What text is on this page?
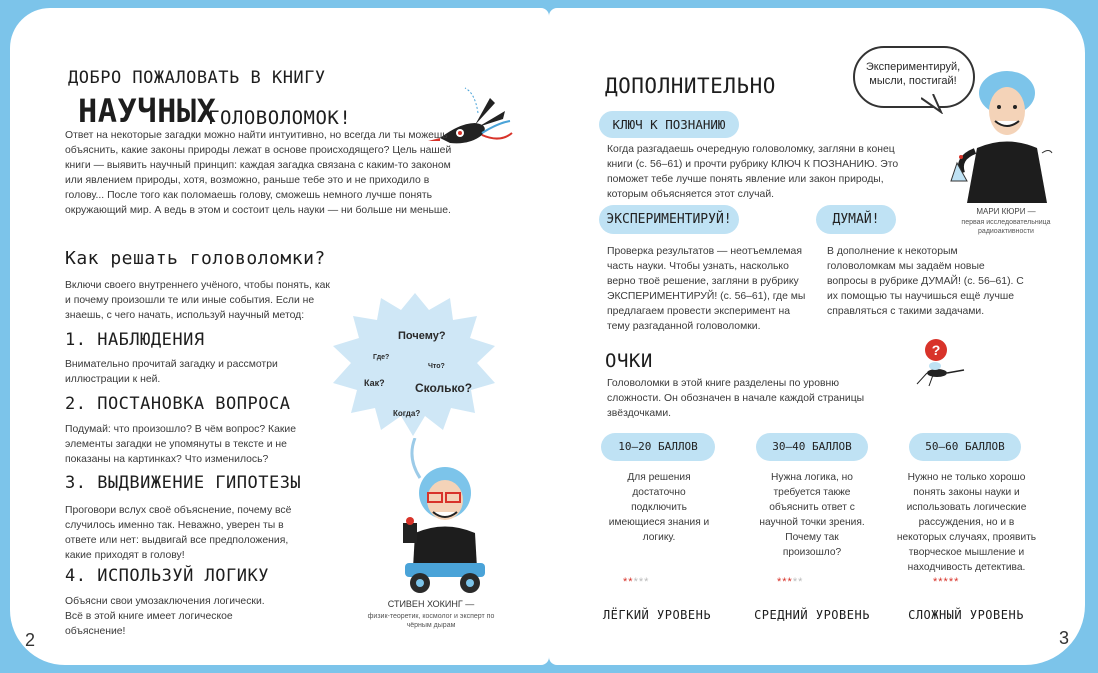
ДОБРО ПОЖАЛОВАТЬ В КНИГУ
НАУЧНЫХ
ГОЛОВОЛОМОК!
Ответ на некоторые загадки можно найти интуитивно, но всегда ли ты можешь объяснить, какие законы природы лежат в основе происходящего? Цель нашей книги — выявить научный принцип: каждая загадка связана с каким-то законом или явлением природы, хотя, возможно, раньше тебе это и не приходило в голову... После того как поломаешь голову, сможешь немного лучше понять окружающий мир. А ведь в этом и состоит цель науки — ни больше ни меньше.
Как решать головоломки?
Включи своего внутреннего учёного, чтобы понять, как и почему произошли те или иные события. Если не знаешь, с чего начать, используй научный метод:
1. НАБЛЮДЕНИЯ
Внимательно прочитай загадку и рассмотри иллюстрации к ней.
2. ПОСТАНОВКА ВОПРОСА
Подумай: что произошло? В чём вопрос? Какие элементы загадки не упомянуты в тексте и не показаны на картинках? Что изменилось?
3. ВЫДВИЖЕНИЕ ГИПОТЕЗЫ
Проговори вслух своё объяснение, почему всё случилось именно так. Неважно, уверен ты в ответе или нет: выдвигай все предположения, какие приходят в голову!
4. ИСПОЛЬЗУЙ ЛОГИКУ
Объясни свои умозаключения логически. Всё в этой книге имеет логическое объяснение!
Почему?
Где?
Что?
Как?	Сколько?
Когда?
СТИВЕН ХОКИНГ —
физик-теоретик, космолог и эксперт по чёрным дырам
2
ДОПОЛНИТЕЛЬНО
КЛЮЧ К ПОЗНАНИЮ
Когда разгадаешь очередную головоломку, загляни в конец книги (с. 56–61) и прочти рубрику КЛЮЧ К ПОЗНАНИЮ. Это поможет тебе лучше понять явление или закон природы, которым объясняется этот случай.
ЭКСПЕРИМЕНТИРУЙ!
Проверка результатов — неотъемлемая часть науки. Чтобы узнать, насколько верно твоё решение, загляни в рубрику ЭКСПЕРИМЕНТИРУЙ! (с. 56–61), где мы предлагаем провести эксперимент на тему разгаданной головоломки.
ДУМАЙ!
В дополнение к некоторым головоломкам мы задаём новые вопросы в рубрике ДУМАЙ! (с. 56–61). С их помощью ты научишься ещё лучше справляться с такими задачами.
Экспериментируй, мысли, постигай!
МАРИ КЮРИ —
первая исследовательница радиоактивности
?
ОЧКИ
Головоломки в этой книге разделены по уровню сложности. Он обозначен в начале каждой страницы звёздочками.
10–20 БАЛЛОВ
Для решения достаточно подключить имеющиеся знания и логику.
*****
ЛЁГКИЙ УРОВЕНЬ
30–40 БАЛЛОВ
Нужна логика, но требуется также объяснить ответ с научной точки зрения. Почему так произошло?
*****
СРЕДНИЙ УРОВЕНЬ
50–60 БАЛЛОВ
Нужно не только хорошо понять законы науки и использовать логические рассуждения, но и в некоторых случаях, проявить творческое мышление и находчивость детектива.
*****
СЛОЖНЫЙ УРОВЕНЬ
3
